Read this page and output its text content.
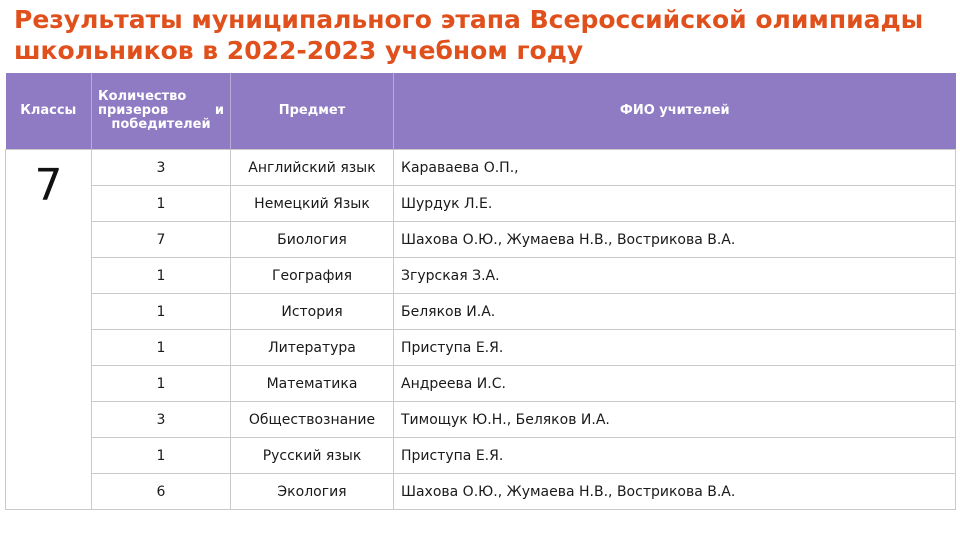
Результаты муниципального этапа Всероссийской олимпиады школьников в 2022-2023 учебном году
Классы	Количество призеров и победителей	Предмет	ФИО учителей
7	3	Английский язык	Караваева О.П.,
	1	Немецкий Язык	Шурдук Л.Е.
	7	Биология	Шахова О.Ю., Жумаева Н.В., Вострикова В.А.
	1	География	Згурская З.А.
	1	История	Беляков И.А.
	1	Литература	Приступа Е.Я.
	1	Математика	Андреева И.С.
	3	Обществознание	Тимощук Ю.Н., Беляков И.А.
	1	Русский язык	Приступа Е.Я.
	6	Экология	Шахова О.Ю., Жумаева Н.В., Вострикова В.А.
